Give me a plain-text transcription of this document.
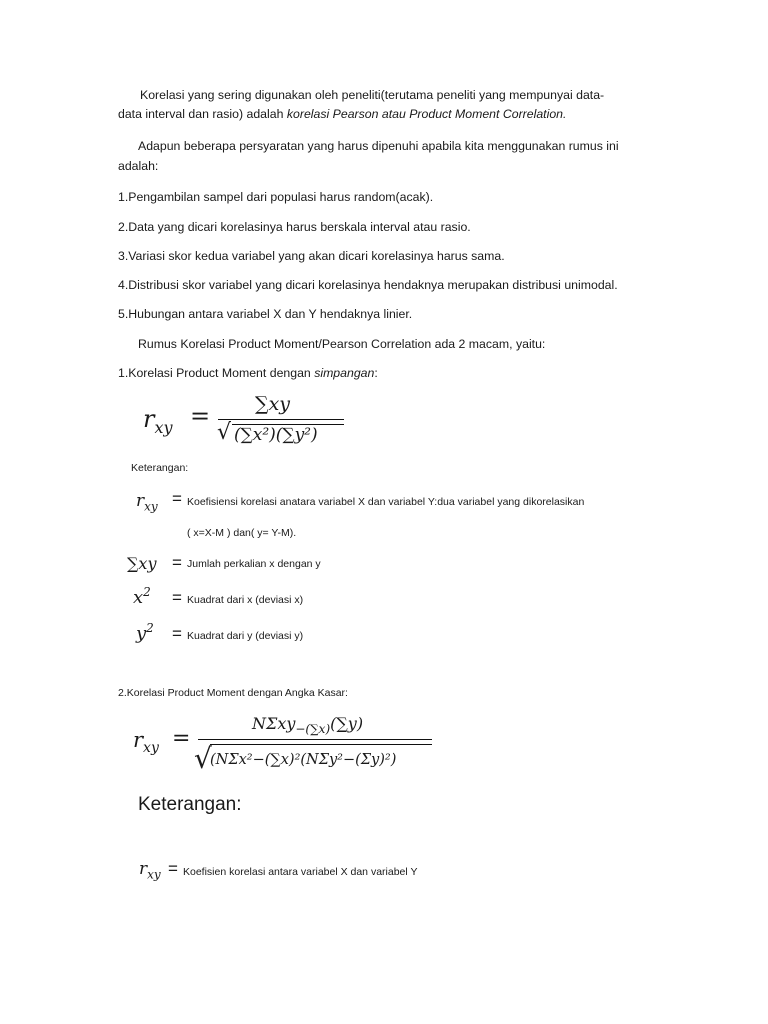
Korelasi yang sering digunakan oleh peneliti(terutama peneliti yang mempunyai data-
data interval dan rasio) adalah korelasi Pearson atau Product Moment Correlation.
Adapun beberapa persyaratan yang harus dipenuhi apabila kita menggunakan rumus ini
adalah:
1.Pengambilan sampel dari populasi harus random(acak).
2.Data yang dicari korelasinya harus berskala interval atau rasio.
3.Variasi skor kedua variabel yang akan dicari korelasinya harus sama.
4.Distribusi skor variabel yang dicari korelasinya hendaknya merupakan distribusi unimodal.
5.Hubungan antara variabel X dan Y hendaknya linier.
Rumus Korelasi Product Moment/Pearson Correlation ada 2 macam, yaitu:
1.Korelasi Product Moment dengan simpangan:
$r_{xy} = \sum xy$
√ (∑x²)(∑y²)
Keterangan:
$r_{xy}$ = Koefisiensi korelasi anatara variabel X dan variabel Y:dua variabel yang dikorelasikan
( x=X-M ) dan( y= Y-M).
∑xy = Jumlah perkalian x dengan y
$x^2$ = Kuadrat dari x (deviasi x)
$y^2$ = Kuadrat dari y (deviasi y)
2.Korelasi Product Moment dengan Angka Kasar:
$r_{xy}$ =
NΣxy$_{-(\sum x)}$(∑y)
√
(NΣx²−(∑x)²(NΣy²−(Σy)²)
Keterangan:
$r_{xy}$ = Koefisien korelasi antara variabel X dan variabel Y
